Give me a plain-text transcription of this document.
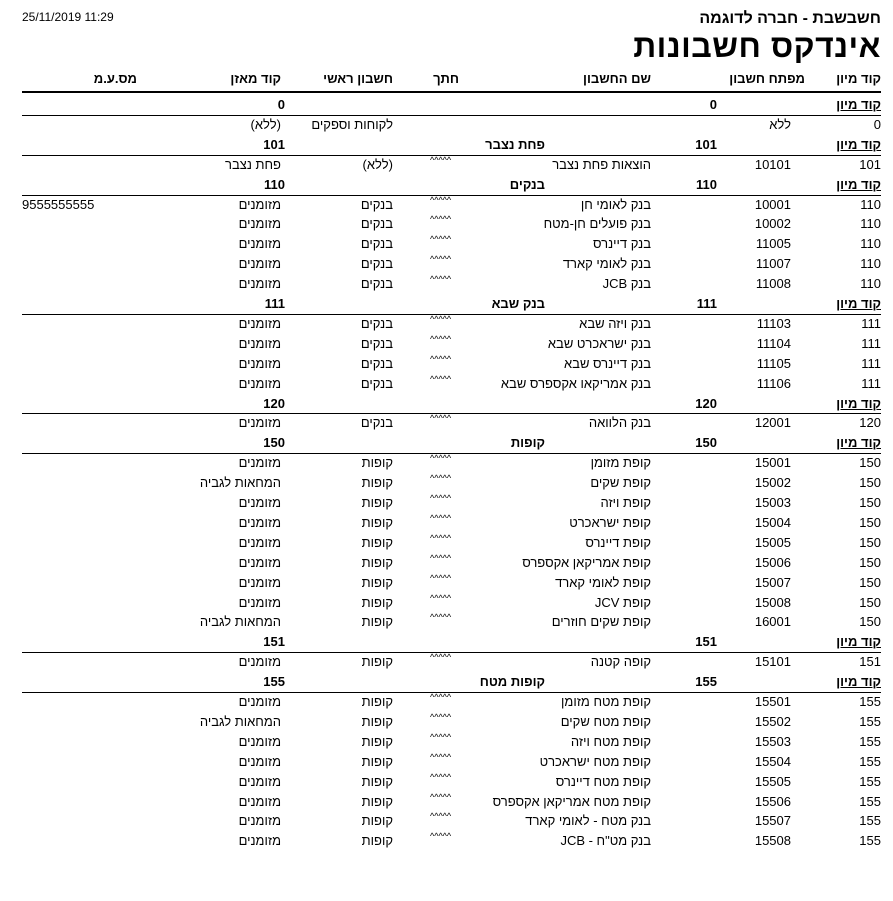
25/11/2019 11:29	חשבשבת - חברה לדוגמה
אינדקס חשבונות
קוד מיון
מפתח חשבון
שם החשבון
חתך
חשבון ראשי
קוד מאזן
מס.ע.מ
קוד מיון
0
0
0
ללא
לקוחות וספקים
(ללא)
קוד מיון
101
פחת נצבר
101
101
10101
הוצאות פחת נצבר
^^^^^
(ללא)
פחת נצבר
קוד מיון
110
בנקים
110
110
10001
בנק לאומי חן
^^^^^
בנקים
מזומנים
9555555555
110
10002
בנק פועלים חן-מטח
^^^^^
בנקים
מזומנים
110
11005
בנק דיינרס
^^^^^
בנקים
מזומנים
110
11007
בנק לאומי קארד
^^^^^
בנקים
מזומנים
110
11008
בנק JCB
^^^^^
בנקים
מזומנים
קוד מיון
111
בנק שבא
111
111
11103
בנק ויזה שבא
^^^^^
בנקים
מזומנים
111
11104
בנק ישראכרט שבא
^^^^^
בנקים
מזומנים
111
11105
בנק דיינרס שבא
^^^^^
בנקים
מזומנים
111
11106
בנק אמריקאו אקספרס שבא
^^^^^
בנקים
מזומנים
קוד מיון
120
120
120
12001
בנק הלוואה
^^^^^
בנקים
מזומנים
קוד מיון
150
קופות
150
150
15001
קופת מזומן
^^^^^
קופות
מזומנים
150
15002
קופת שקים
^^^^^
קופות
המחאות לגביה
150
15003
קופת ויזה
^^^^^
קופות
מזומנים
150
15004
קופת ישראכרט
^^^^^
קופות
מזומנים
150
15005
קופת דיינרס
^^^^^
קופות
מזומנים
150
15006
קופת אמריקאן אקספרס
^^^^^
קופות
מזומנים
150
15007
קופת לאומי קארד
^^^^^
קופות
מזומנים
150
15008
קופת JCV
^^^^^
קופות
מזומנים
150
16001
קופת שקים חוזרים
^^^^^
קופות
המחאות לגביה
קוד מיון
151
151
151
15101
קופה קטנה
^^^^^
קופות
מזומנים
קוד מיון
155
קופות מטח
155
155
15501
קופת מטח מזומן
^^^^^
קופות
מזומנים
155
15502
קופת מטח שקים
^^^^^
קופות
המחאות לגביה
155
15503
קופת מטח ויזה
^^^^^
קופות
מזומנים
155
15504
קופת מטח ישראכרט
^^^^^
קופות
מזומנים
155
15505
קופת מטח דיינרס
^^^^^
קופות
מזומנים
155
15506
קופת מטח אמריקאן אקספרס
^^^^^
קופות
מזומנים
155
15507
בנק מטח - לאומי קארד
^^^^^
קופות
מזומנים
155
15508
בנק מט"ח - JCB
^^^^^
קופות
מזומנים
